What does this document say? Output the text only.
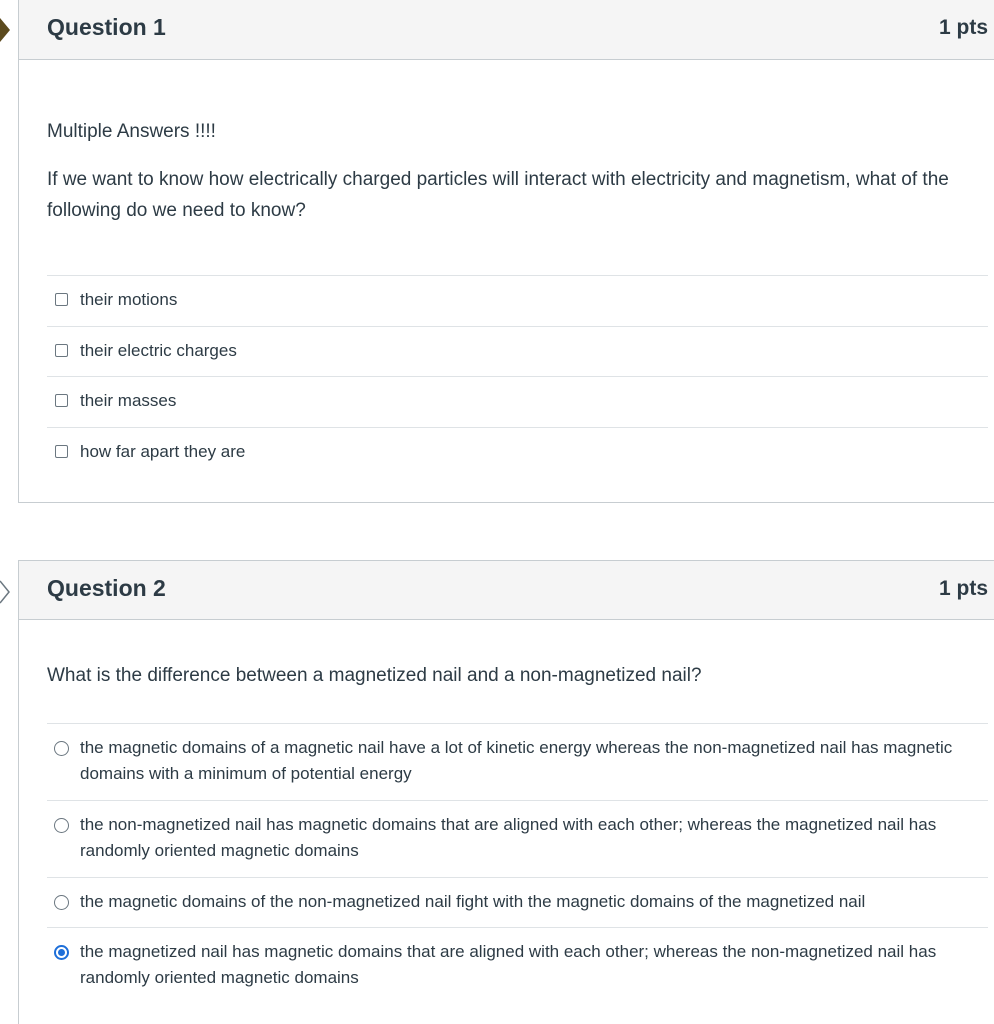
Question 1	1 pts

Multiple Answers !!!!

If we want to know how electrically charged particles will interact with electricity and magnetism, what of the following do we need to know?

their motions
their electric charges
their masses
how far apart they are
Question 2	1 pts

What is the difference between a magnetized nail and a non-magnetized nail?

the magnetic domains of a magnetic nail have a lot of kinetic energy whereas the non-magnetized nail has magnetic domains with a minimum of potential energy
the non-magnetized nail has magnetic domains that are aligned with each other; whereas the magnetized nail has randomly oriented magnetic domains
the magnetic domains of the non-magnetized nail fight with the magnetic domains of the magnetized nail
the magnetized nail has magnetic domains that are aligned with each other; whereas the non-magnetized nail has randomly oriented magnetic domains
